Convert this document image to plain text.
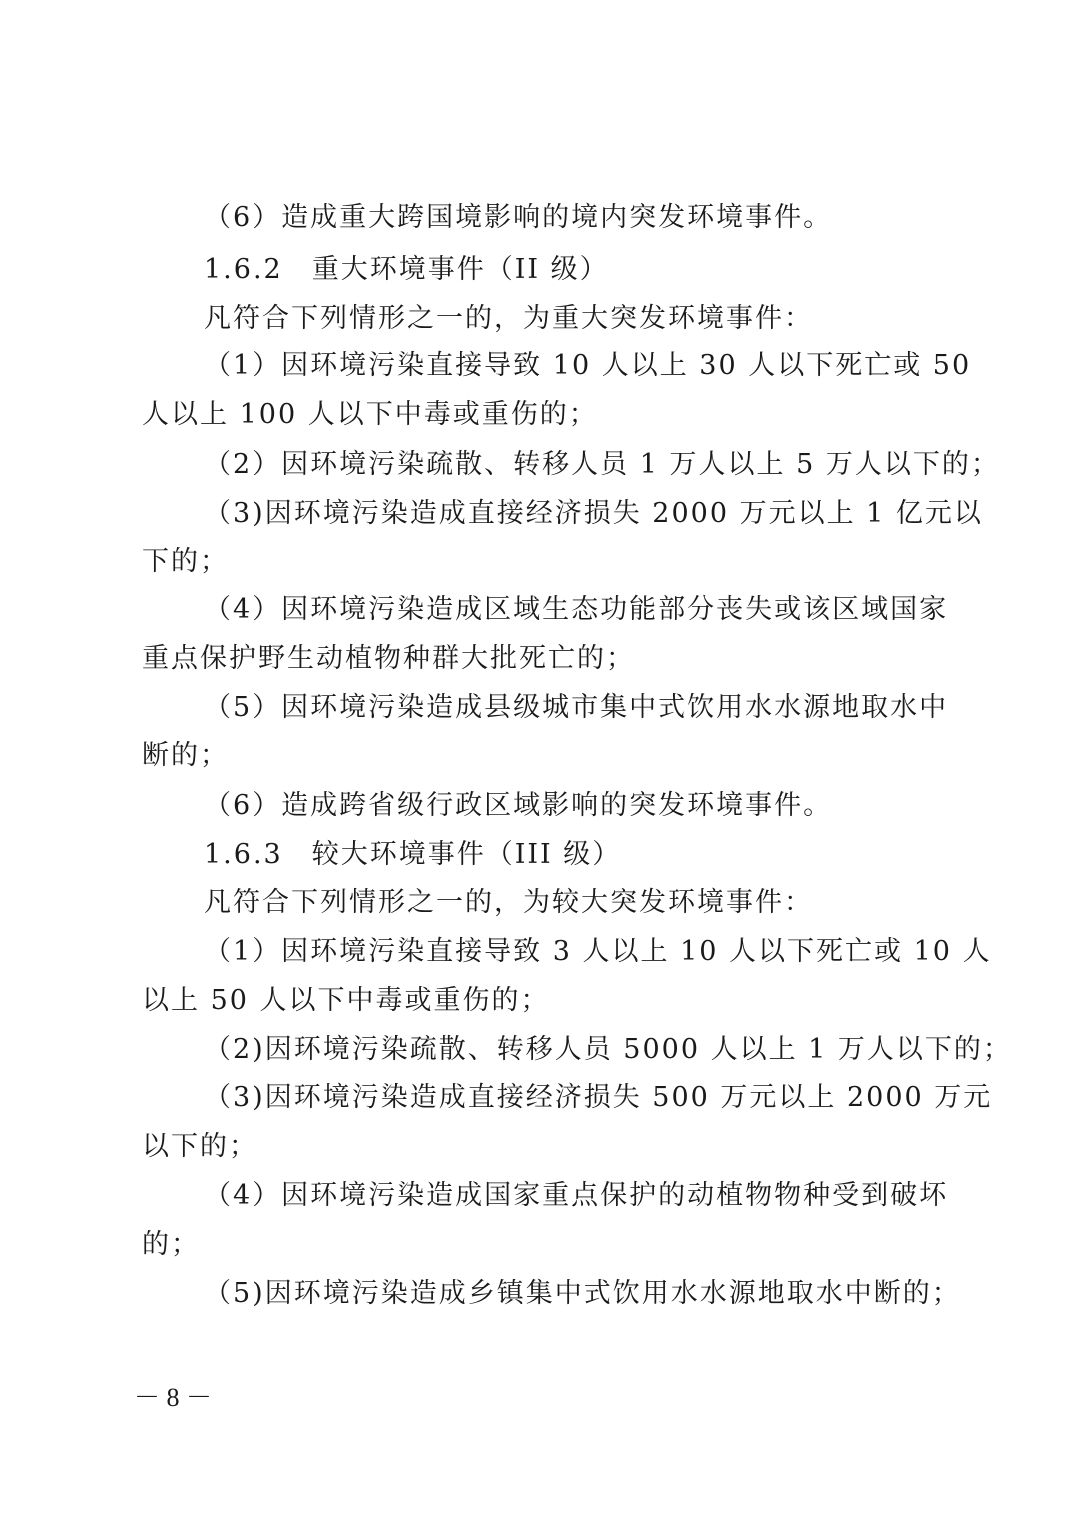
（6）造成重大跨国境影响的境内突发环境事件。
1.6.2　重大环境事件（II 级）
凡符合下列情形之一的，为重大突发环境事件：
（1）因环境污染直接导致 10 人以上 30 人以下死亡或 50
人以上 100 人以下中毒或重伤的；
（2）因环境污染疏散、转移人员 1 万人以上 5 万人以下的；
（3)因环境污染造成直接经济损失 2000 万元以上 1 亿元以
下的；
（4）因环境污染造成区域生态功能部分丧失或该区域国家
重点保护野生动植物种群大批死亡的；
（5）因环境污染造成县级城市集中式饮用水水源地取水中
断的；
（6）造成跨省级行政区域影响的突发环境事件。
1.6.3　较大环境事件（III 级）
凡符合下列情形之一的，为较大突发环境事件：
（1）因环境污染直接导致 3 人以上 10 人以下死亡或 10 人
以上 50 人以下中毒或重伤的；
（2)因环境污染疏散、转移人员 5000 人以上 1 万人以下的；
（3)因环境污染造成直接经济损失 500 万元以上 2000 万元
以下的；
（4）因环境污染造成国家重点保护的动植物物种受到破坏
的；
（5)因环境污染造成乡镇集中式饮用水水源地取水中断的；
－ 8 －
